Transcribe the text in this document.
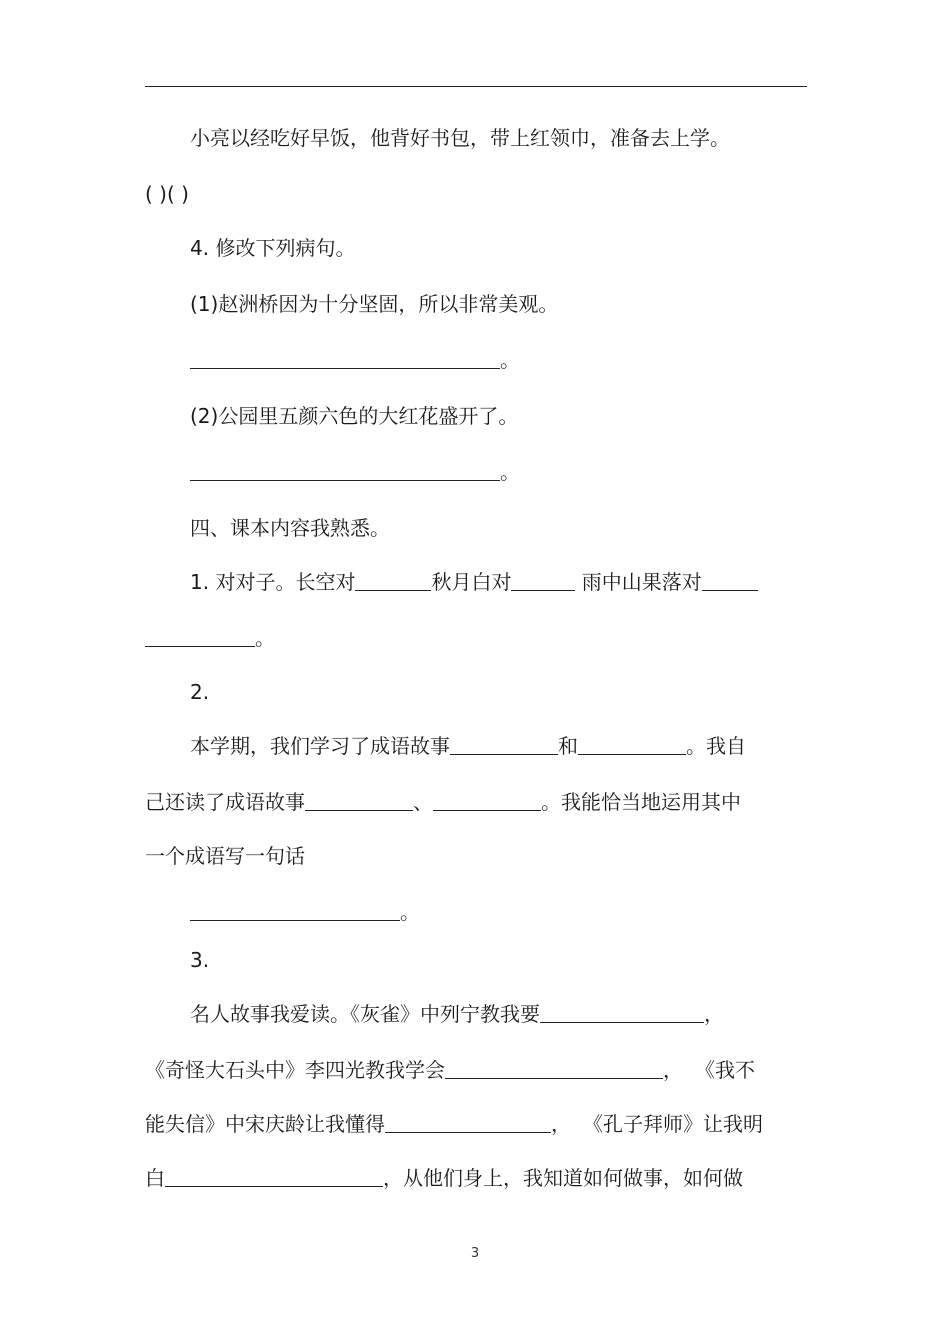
小亮以经吃好早饭，他背好书包，带上红领巾，准备去上学。
( )( )
4. 修改下列病句。
(1)赵洲桥因为十分坚固，所以非常美观。
。
(2)公园里五颜六色的大红花盛开了。
。
四、课本内容我熟悉。
1. 对对子。长空对	秋月白对	雨中山果落对
。
2.
本学期，我们学习了成语故事	和	。我自
己还读了成语故事	、	。我能恰当地运用其中
一个成语写一句话
。
3.
名人故事我爱读。《灰雀》中列宁教我要	，
《奇怪大石头中》李四光教我学会	， 《我不
能失信》中宋庆龄让我懂得	， 《孔子拜师》让我明
白	，从他们身上，我知道如何做事，如何做
3
